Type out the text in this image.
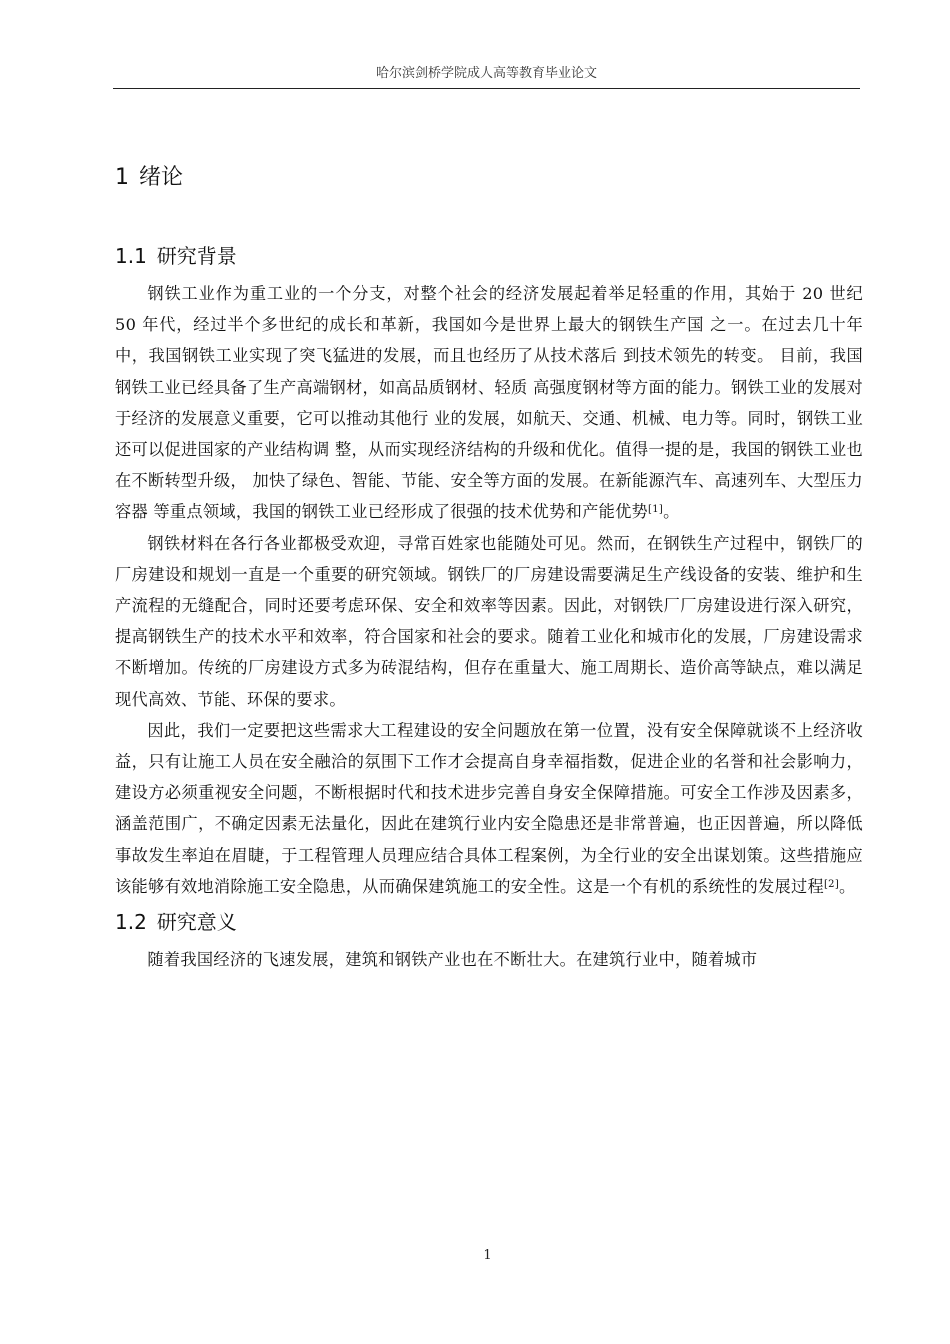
哈尔滨剑桥学院成人高等教育毕业论文
1 绪论
1.1 研究背景

钢铁工业作为重工业的一个分支，对整个社会的经济发展起着举足轻重的作用，其始于 20 世纪 50 年代，经过半个多世纪的成长和革新，我国如今是世界上最大的钢铁生产国 之一。在过去几十年中，我国钢铁工业实现了突飞猛进的发展，而且也经历了从技术落后 到技术领先的转变。 目前，我国钢铁工业已经具备了生产高端钢材，如高品质钢材、轻质 高强度钢材等方面的能力。钢铁工业的发展对于经济的发展意义重要，它可以推动其他行 业的发展，如航天、交通、机械、电力等。同时，钢铁工业还可以促进国家的产业结构调 整，从而实现经济结构的升级和优化。值得一提的是，我国的钢铁工业也在不断转型升级， 加快了绿色、智能、节能、安全等方面的发展。在新能源汽车、高速列车、大型压力容器 等重点领域，我国的钢铁工业已经形成了很强的技术优势和产能优势[1]。

钢铁材料在各行各业都极受欢迎，寻常百姓家也能随处可见。然而，在钢铁生产过程中，钢铁厂的厂房建设和规划一直是一个重要的研究领域。钢铁厂的厂房建设需要满足生产线设备的安装、维护和生产流程的无缝配合，同时还要考虑环保、安全和效率等因素。因此，对钢铁厂厂房建设进行深入研究，提高钢铁生产的技术水平和效率，符合国家和社会的要求。随着工业化和城市化的发展，厂房建设需求不断增加。传统的厂房建设方式多为砖混结构，但存在重量大、施工周期长、造价高等缺点，难以满足现代高效、节能、环保的要求。

因此，我们一定要把这些需求大工程建设的安全问题放在第一位置，没有安全保障就谈不上经济收益，只有让施工人员在安全融洽的氛围下工作才会提高自身幸福指数，促进企业的名誉和社会影响力，建设方必须重视安全问题，不断根据时代和技术进步完善自身安全保障措施。可安全工作涉及因素多，涵盖范围广，不确定因素无法量化，因此在建筑行业内安全隐患还是非常普遍，也正因普遍，所以降低事故发生率迫在眉睫，于工程管理人员理应结合具体工程案例，为全行业的安全出谋划策。这些措施应该能够有效地消除施工安全隐患，从而确保建筑施工的安全性。这是一个有机的系统性的发展过程[2]。

1.2 研究意义

随着我国经济的飞速发展，建筑和钢铁产业也在不断壮大。在建筑行业中，随着城市

1
